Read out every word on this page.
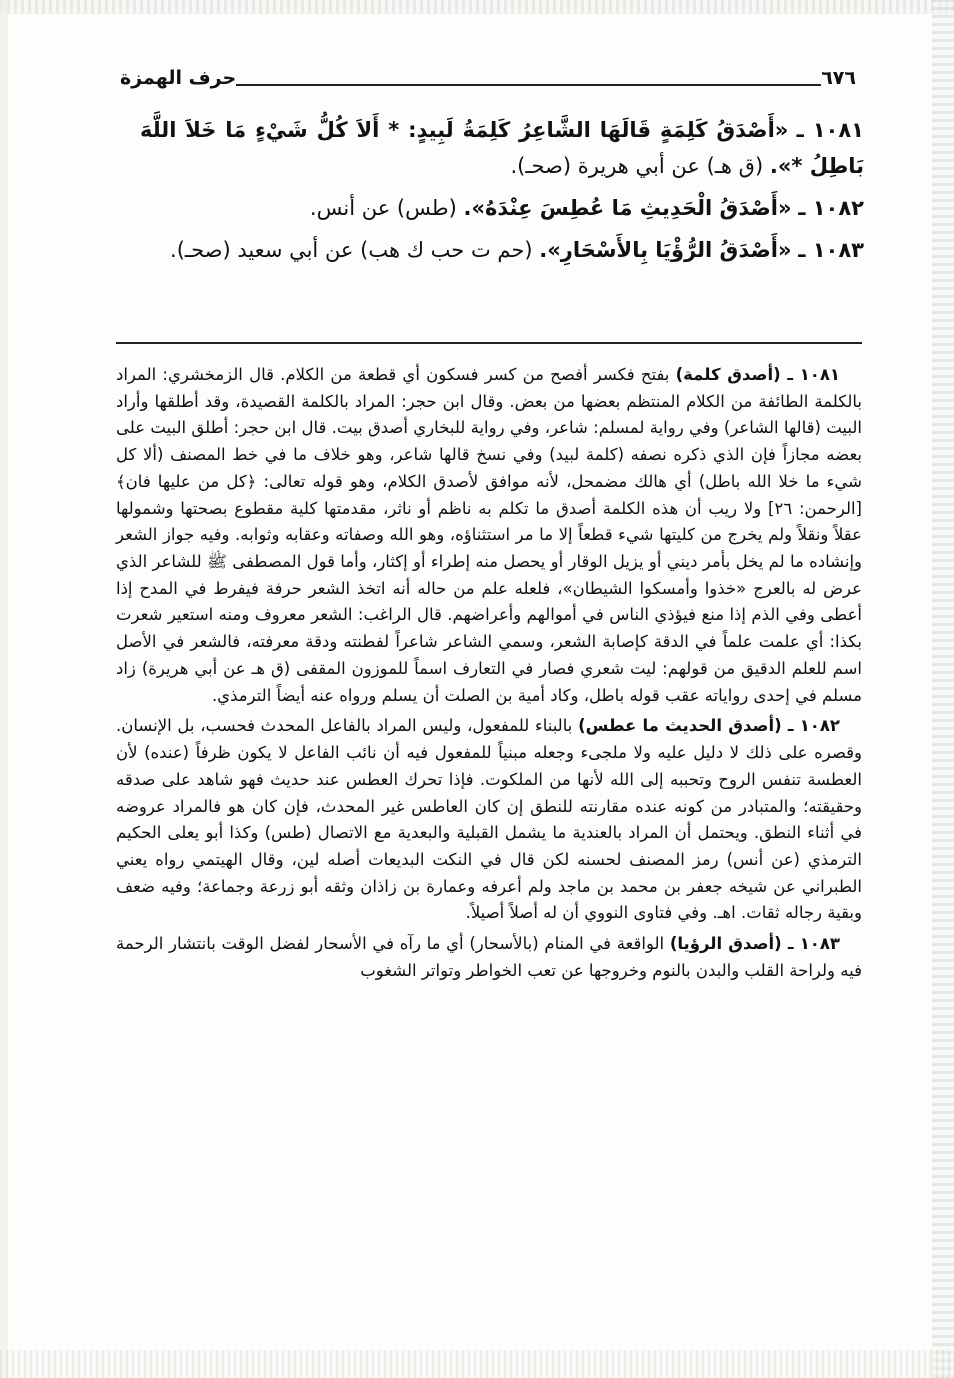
٦٧٦
حرف الهمزة

١٠٨١ ـ «أَصْدَقُ كَلِمَةٍ قَالَهَا الشَّاعِرُ كَلِمَةُ لَبِيدٍ: * أَلاَ كُلُّ شَيْءٍ مَا خَلاَ اللَّهَ بَاطِلُ *». (ق هـ) عن أبي هريرة (صحـ).

١٠٨٢ ـ «أَصْدَقُ الْحَدِيثِ مَا عُطِسَ عِنْدَهُ». (طس) عن أنس.

١٠٨٣ ـ «أَصْدَقُ الرُّؤْيَا بِالأَسْحَارِ». (حم ت حب ك هب) عن أبي سعيد (صحـ).

١٠٨١ ـ (أصدق كلمة) بفتح فكسر أفصح من كسر فسكون أي قطعة من الكلام. قال الزمخشري: المراد بالكلمة الطائفة من الكلام المنتظم بعضها من بعض. وقال ابن حجر: المراد بالكلمة القصيدة، وقد أطلقها وأراد البيت (قالها الشاعر) وفي رواية لمسلم: شاعر، وفي رواية للبخاري أصدق بيت. قال ابن حجر: أطلق البيت على بعضه مجازاً فإن الذي ذكره نصفه (كلمة لبيد) وفي نسخ قالها شاعر، وهو خلاف ما في خط المصنف (ألا كل شيء ما خلا الله باطل) أي هالك مضمحل، لأنه موافق لأصدق الكلام، وهو قوله تعالى: ﴿كل من عليها فان﴾ [الرحمن: ٢٦] ولا ريب أن هذه الكلمة أصدق ما تكلم به ناظم أو ناثر، مقدمتها كلية مقطوع بصحتها وشمولها عقلاً ونقلاً ولم يخرج من كليتها شيء قطعاً إلا ما مر استثناؤه، وهو الله وصفاته وعقابه وثوابه. وفيه جواز الشعر وإنشاده ما لم يخل بأمر ديني أو يزيل الوقار أو يحصل منه إطراء أو إكثار، وأما قول المصطفى ﷺ للشاعر الذي عرض له بالعرج «خذوا وأمسكوا الشيطان»، فلعله علم من حاله أنه اتخذ الشعر حرفة فيفرط في المدح إذا أعطى وفي الذم إذا منع فيؤذي الناس في أموالهم وأعراضهم. قال الراغب: الشعر معروف ومنه استعير شعرت بكذا: أي علمت علماً في الدقة كإصابة الشعر، وسمي الشاعر شاعراً لفطنته ودقة معرفته، فالشعر في الأصل اسم للعلم الدقيق من قولهم: ليت شعري فصار في التعارف اسماً للموزون المقفى (ق هـ عن أبي هريرة) زاد مسلم في إحدى رواياته عقب قوله باطل، وكاد أمية بن الصلت أن يسلم ورواه عنه أيضاً الترمذي.

١٠٨٢ ـ (أصدق الحديث ما عطس) بالبناء للمفعول، وليس المراد بالفاعل المحدث فحسب، بل الإنسان. وقصره على ذلك لا دليل عليه ولا ملجىء وجعله مبنياً للمفعول فيه أن نائب الفاعل لا يكون ظرفاً (عنده) لأن العطسة تنفس الروح وتحببه إلى الله لأنها من الملكوت. فإذا تحرك العطس عند حديث فهو شاهد على صدقه وحقيقته؛ والمتبادر من كونه عنده مقارنته للنطق إن كان العاطس غير المحدث، فإن كان هو فالمراد عروضه في أثناء النطق. ويحتمل أن المراد بالعندية ما يشمل القبلية والبعدية مع الاتصال (طس) وكذا أبو يعلى الحكيم الترمذي (عن أنس) رمز المصنف لحسنه لكن قال في النكت البديعات أصله لين، وقال الهيتمي رواه يعني الطبراني عن شيخه جعفر بن محمد بن ماجد ولم أعرفه وعمارة بن زاذان وثقه أبو زرعة وجماعة؛ وفيه ضعف وبقية رجاله ثقات. اهـ. وفي فتاوى النووي أن له أصلاً أصيلاً.

١٠٨٣ ـ (أصدق الرؤيا) الواقعة في المنام (بالأسحار) أي ما رآه في الأسحار لفضل الوقت بانتشار الرحمة فيه ولراحة القلب والبدن بالنوم وخروجها عن تعب الخواطر وتواتر الشغوب
